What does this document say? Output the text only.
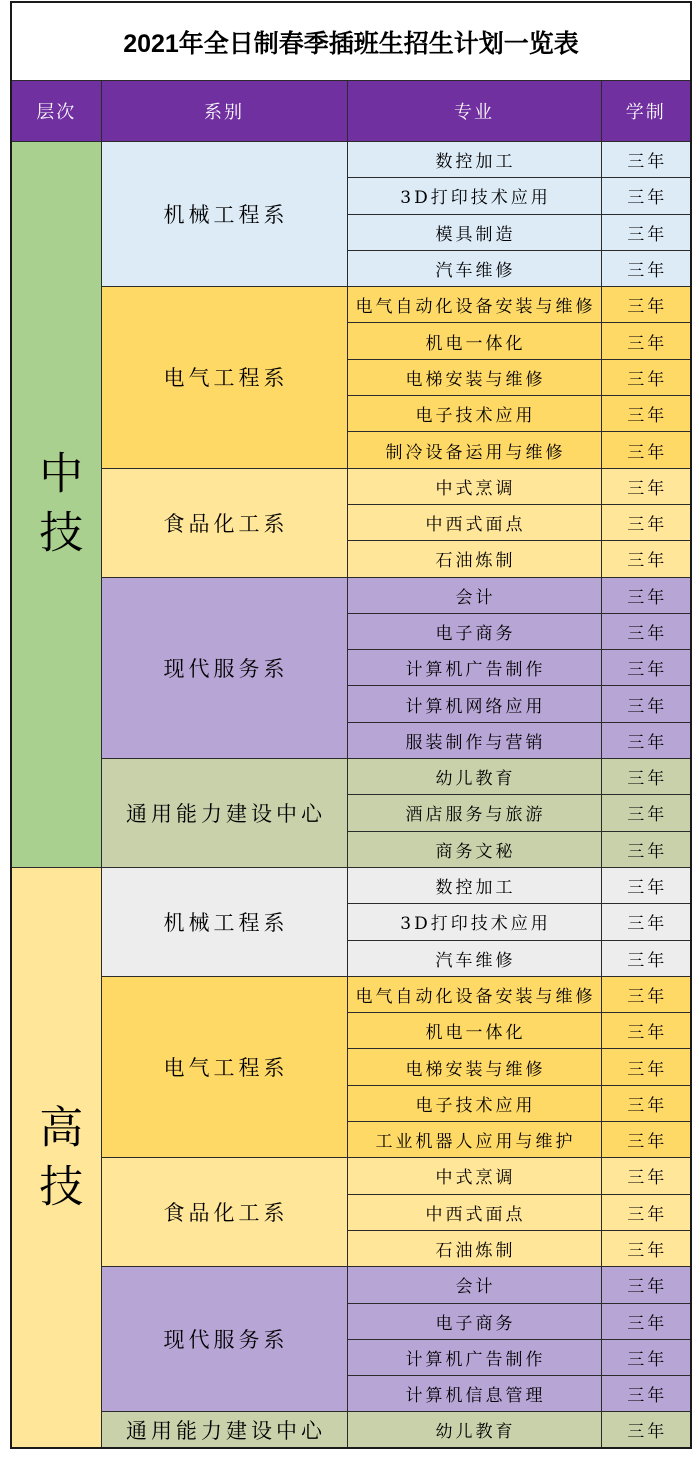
2021年全日制春季插班生招生计划一览表			
层次	系别	专业	学制
中技	机械工程系	数控加工	三年
		3D打印技术应用	三年
		模具制造	三年
		汽车维修	三年
	电气工程系	电气自动化设备安装与维修	三年
		机电一体化	三年
		电梯安装与维修	三年
		电子技术应用	三年
		制冷设备运用与维修	三年
	食品化工系	中式烹调	三年
		中西式面点	三年
		石油炼制	三年
	现代服务系	会计	三年
		电子商务	三年
		计算机广告制作	三年
		计算机网络应用	三年
		服装制作与营销	三年
	通用能力建设中心	幼儿教育	三年
		酒店服务与旅游	三年
		商务文秘	三年
高技	机械工程系	数控加工	三年
		3D打印技术应用	三年
		汽车维修	三年
	电气工程系	电气自动化设备安装与维修	三年
		机电一体化	三年
		电梯安装与维修	三年
		电子技术应用	三年
		工业机器人应用与维护	三年
	食品化工系	中式烹调	三年
		中西式面点	三年
		石油炼制	三年
	现代服务系	会计	三年
		电子商务	三年
		计算机广告制作	三年
		计算机信息管理	三年
	通用能力建设中心	幼儿教育	三年
